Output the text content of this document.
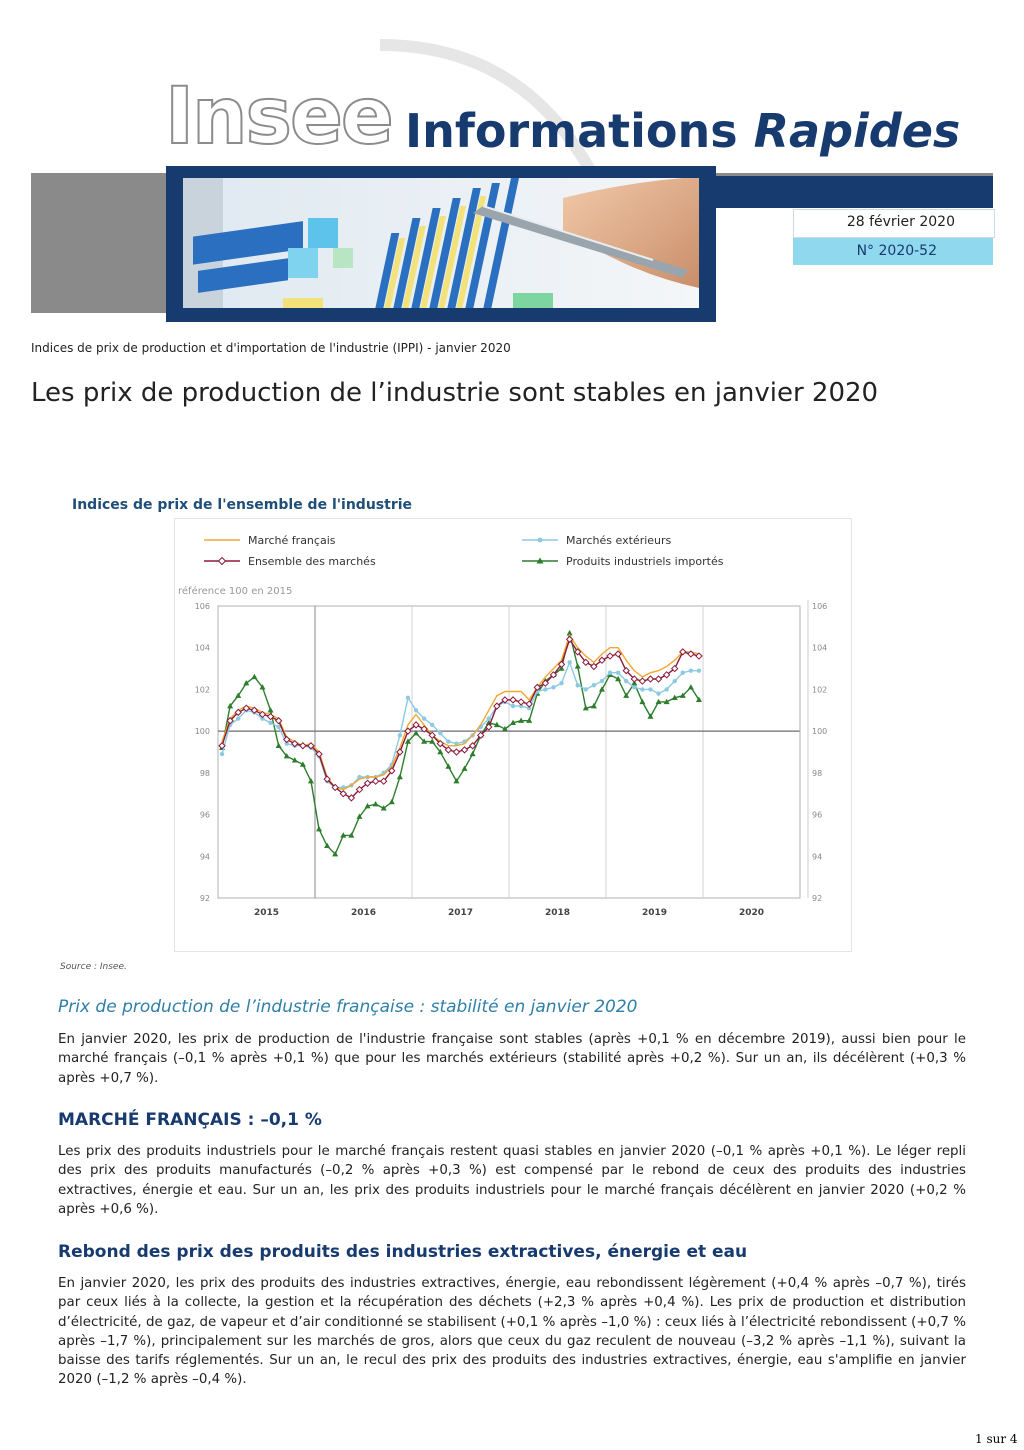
Insee Informations Rapides
28 février 2020
N° 2020-52
Indices de prix de production et d'importation de l'industrie (IPPI) - janvier 2020
Les prix de production de l’industrie sont stables en janvier 2020
Indices de prix de l'ensemble de l'industrie
Marché français	Marchés extérieurs
Ensemble des marchés	Produits industriels importés
référence 100 en 2015
92	92
94	94
96	96
98	98
100	100
102	102
104	104
106	106
2015	2016	2017	2018	2019	2020
Source : Insee.
Prix de production de l’industrie française : stabilité en janvier 2020
En janvier 2020, les prix de production de l'industrie française sont stables (après +0,1 % en décembre 2019), aussi bien pour le marché français (–0,1 % après +0,1 %) que pour les marchés extérieurs (stabilité après +0,2 %). Sur un an, ils décélèrent (+0,3 % après +0,7 %).
MARCHÉ FRANÇAIS : –0,1 %
Les prix des produits industriels pour le marché français restent quasi stables en janvier 2020 (–0,1 % après +0,1 %). Le léger repli des prix des produits manufacturés (–0,2 % après +0,3 %) est compensé par le rebond de ceux des produits des industries extractives, énergie et eau. Sur un an, les prix des produits industriels pour le marché français décélèrent en janvier 2020 (+0,2 % après +0,6 %).
Rebond des prix des produits des industries extractives, énergie et eau
En janvier 2020, les prix des produits des industries extractives, énergie, eau rebondissent légèrement (+0,4 % après –0,7 %), tirés par ceux liés à la collecte, la gestion et la récupération des déchets (+2,3 % après +0,4 %). Les prix de production et distribution d’électricité, de gaz, de vapeur et d’air conditionné se stabilisent (+0,1 % après –1,0 %) : ceux liés à l’électricité rebondissent (+0,7 % après –1,7 %), principalement sur les marchés de gros, alors que ceux du gaz reculent de nouveau (–3,2 % après –1,1 %), suivant la baisse des tarifs réglementés. Sur un an, le recul des prix des produits des industries extractives, énergie, eau s'amplifie en janvier 2020 (–1,2 % après –0,4 %).
1 sur 4
